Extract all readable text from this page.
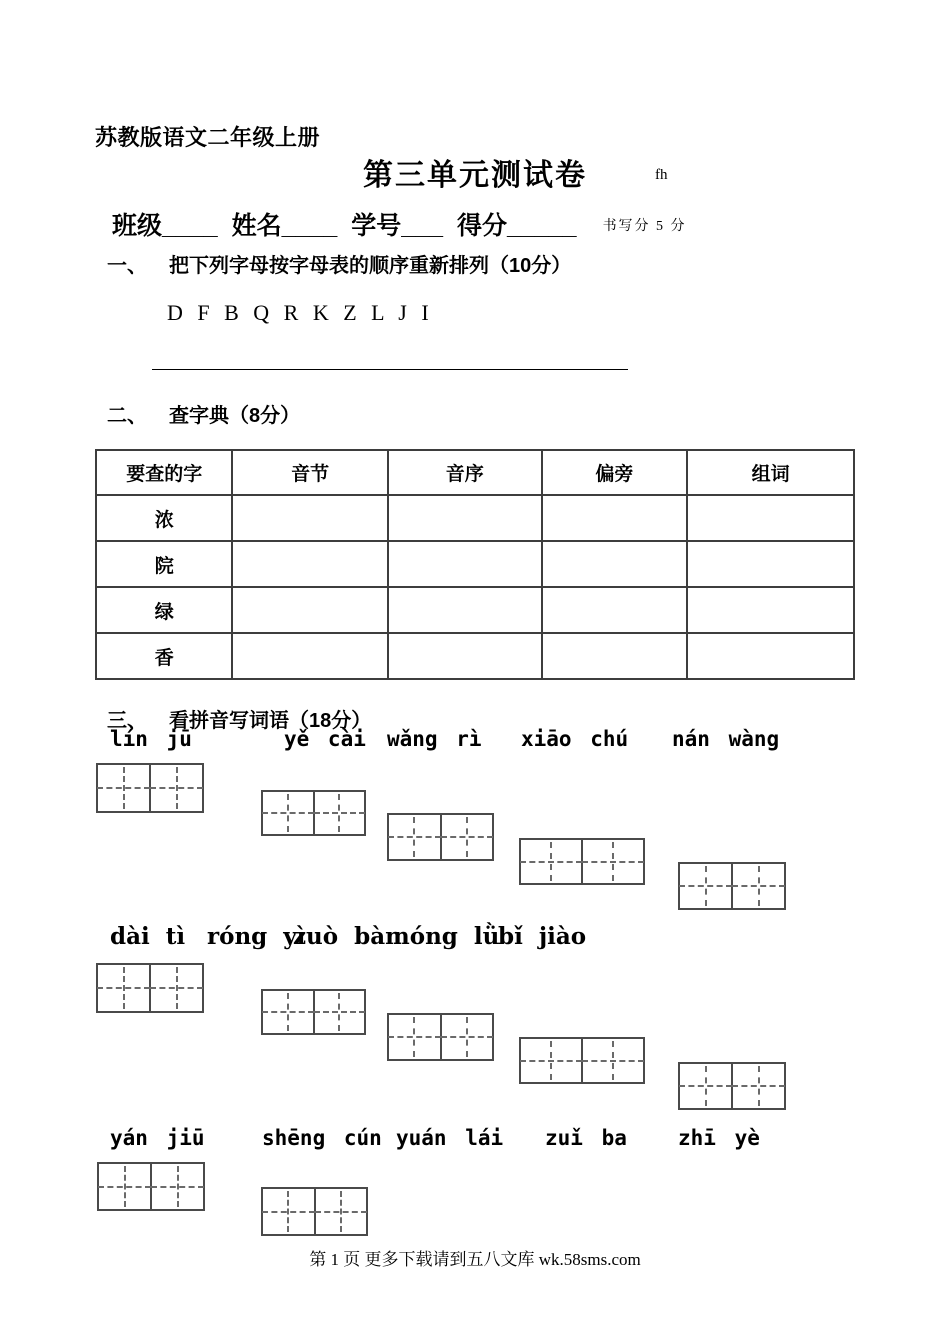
苏教版语文二年级上册
第三单元测试卷	fh
班级____ 姓名____ 学号___ 得分_____ 书写分 5 分
一、 把下列字母按字母表的顺序重新排列（10分）
D F B Q R K Z L J I
二、 查字典（8分）
要查的字	音节	音序	偏旁	组词
浓				
院				
绿				
香				
三、 看拼音写词语（18分）
lín jū	yě cài wǎng rì xiāo chú nán wàng
dài tì róng yì
zuò bàn
nóng lǜ
bǐ jiào
yán jiū	shēng cún yuán lái zuǐ ba zhī yè
第 1 页 更多下载请到五八文库 wk.58sms.com
